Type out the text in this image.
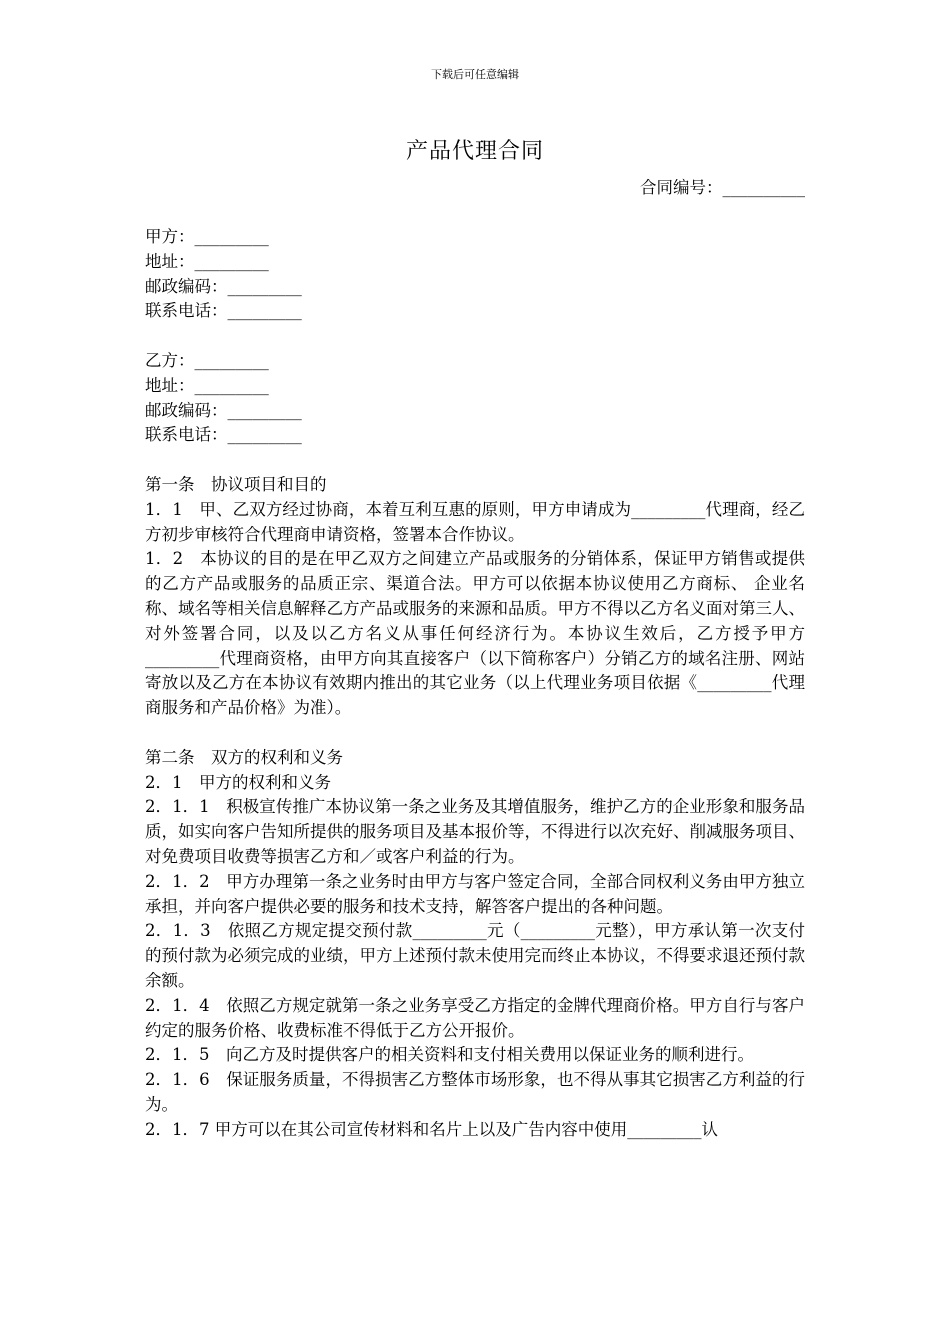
下载后可任意编辑
产品代理合同
合同编号：__________

甲方：_________

地址：_________

邮政编码：_________

联系电话：_________

乙方：_________

地址：_________

邮政编码：_________

联系电话：_________

第一条　协议项目和目的

1．1　甲、乙双方经过协商，本着互利互惠的原则，甲方申请成为_________代理商，经乙方初步审核符合代理商申请资格，签署本合作协议。

1．2　本协议的目的是在甲乙双方之间建立产品或服务的分销体系，保证甲方销售或提供的乙方产品或服务的品质正宗、渠道合法。甲方可以依据本协议使用乙方商标、 企业名称、域名等相关信息解释乙方产品或服务的来源和品质。甲方不得以乙方名义面对第三人、对外签署合同，以及以乙方名义从事任何经济行为。本协议生效后，乙方授予甲方_________代理商资格，由甲方向其直接客户（以下简称客户）分销乙方的域名注册、网站寄放以及乙方在本协议有效期内推出的其它业务（以上代理业务项目依据《_________代理商服务和产品价格》为准）。

第二条　双方的权利和义务

2．1　甲方的权利和义务

2．1．1　积极宣传推广本协议第一条之业务及其增值服务，维护乙方的企业形象和服务品质，如实向客户告知所提供的服务项目及基本报价等，不得进行以次充好、削减服务项目、对免费项目收费等损害乙方和／或客户利益的行为。

2．1．2　甲方办理第一条之业务时由甲方与客户签定合同，全部合同权利义务由甲方独立承担，并向客户提供必要的服务和技术支持，解答客户提出的各种问题。

2．1．3　依照乙方规定提交预付款_________元（_________元整），甲方承认第一次支付的预付款为必须完成的业绩，甲方上述预付款未使用完而终止本协议，不得要求退还预付款余额。

2．1．4　依照乙方规定就第一条之业务享受乙方指定的金牌代理商价格。甲方自行与客户约定的服务价格、收费标准不得低于乙方公开报价。

2．1．5　向乙方及时提供客户的相关资料和支付相关费用以保证业务的顺利进行。

2．1．6　保证服务质量，不得损害乙方整体市场形象，也不得从事其它损害乙方利益的行为。

2．1．7 甲方可以在其公司宣传材料和名片上以及广告内容中使用_________认
